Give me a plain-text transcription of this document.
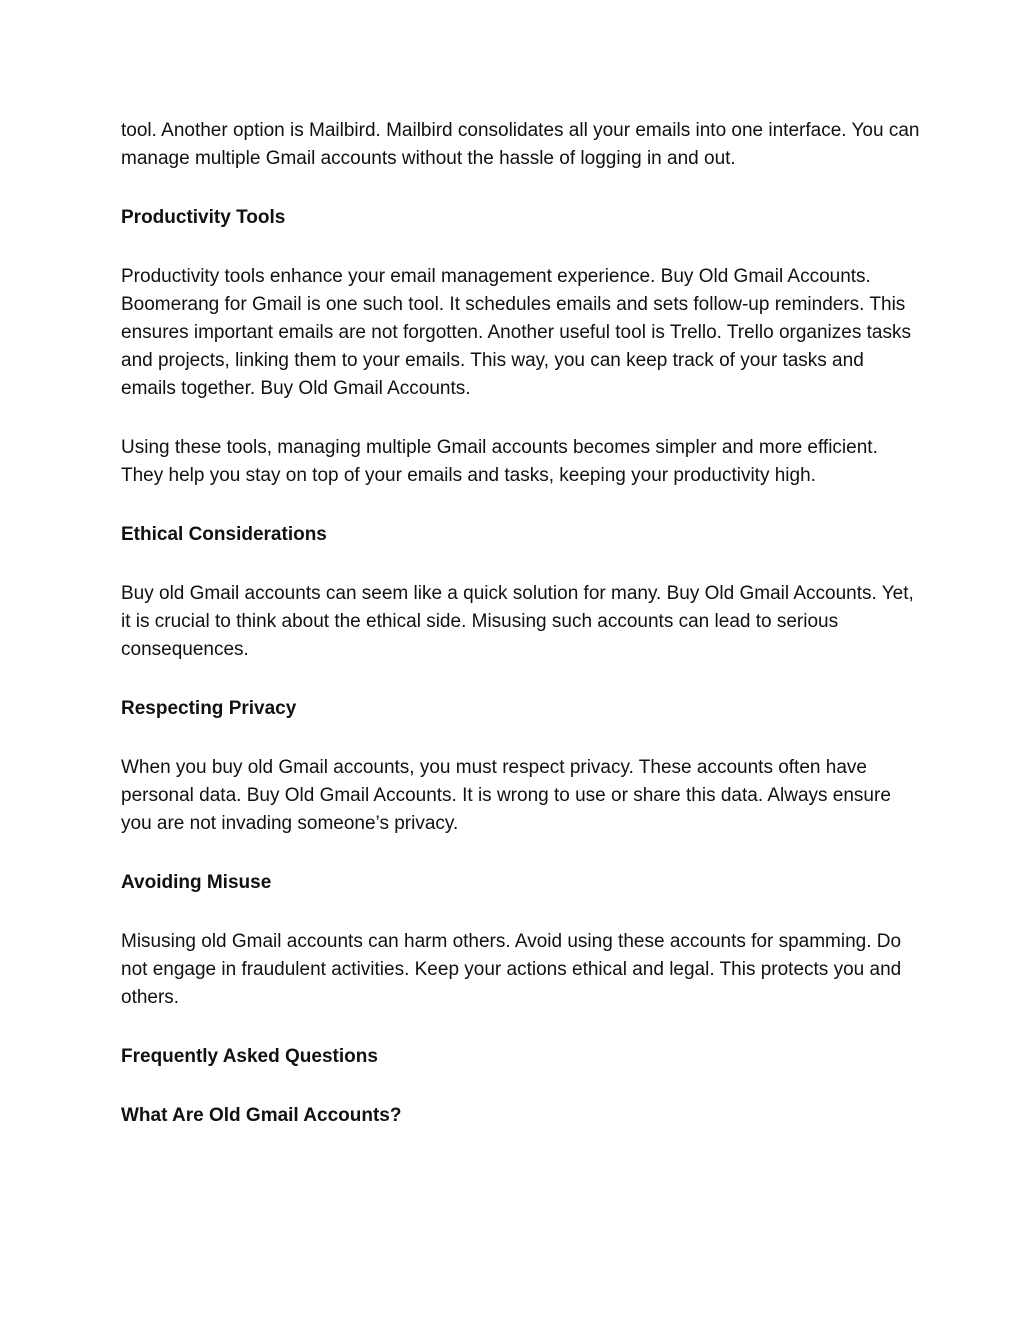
tool. Another option is Mailbird. Mailbird consolidates all your emails into one interface. You can manage multiple Gmail accounts without the hassle of logging in and out.

Productivity Tools

Productivity tools enhance your email management experience. Buy Old Gmail Accounts. Boomerang for Gmail is one such tool. It schedules emails and sets follow-up reminders. This ensures important emails are not forgotten. Another useful tool is Trello. Trello organizes tasks and projects, linking them to your emails. This way, you can keep track of your tasks and emails together. Buy Old Gmail Accounts.

Using these tools, managing multiple Gmail accounts becomes simpler and more efficient. They help you stay on top of your emails and tasks, keeping your productivity high.

Ethical Considerations

Buy old Gmail accounts can seem like a quick solution for many. Buy Old Gmail Accounts. Yet, it is crucial to think about the ethical side. Misusing such accounts can lead to serious consequences.

Respecting Privacy

When you buy old Gmail accounts, you must respect privacy. These accounts often have personal data. Buy Old Gmail Accounts. It is wrong to use or share this data. Always ensure you are not invading someone’s privacy.

Avoiding Misuse

Misusing old Gmail accounts can harm others. Avoid using these accounts for spamming. Do not engage in fraudulent activities. Keep your actions ethical and legal. This protects you and others.

Frequently Asked Questions
What Are Old Gmail Accounts?
